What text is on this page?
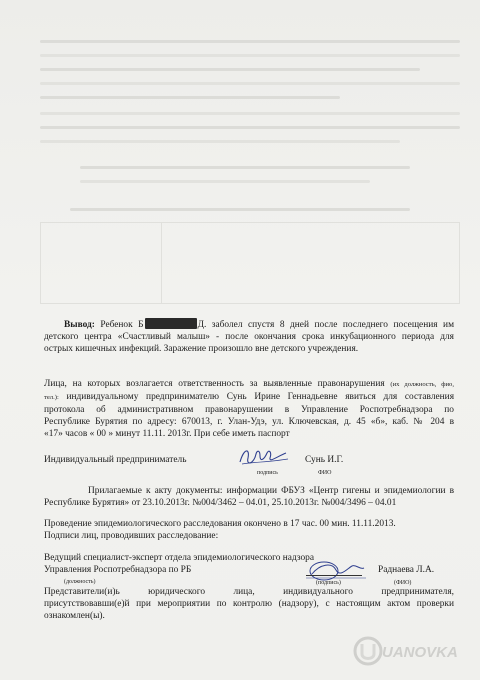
Вывод: Ребенок Б	Д. заболел спустя 8 дней после последнего посещения им
детского центра «Счастливый малыш» - после окончания срока инкубационного периода для
острых кишечных инфекций. Заражение произошло вне детского учреждения.
Лица, на которых возлагается ответственность за выявленные правонарушения (их должность, фио,
тел.): индивидуальному предпринимателю Сунь Ирине Геннадьевне явиться для составления
протокола об административном правонарушении в Управление Роспотребнадзора по
Республике Бурятия по адресу: 670013, г. Улан-Удэ, ул. Ключевская, д. 45 «б», каб. № 204 в
«17» часов « 00 » минут 11.11. 2013г. При себе иметь паспорт
Индивидуальный предприниматель
подпись
Сунь И.Г.
ФИО
Прилагаемые к акту документы: информации ФБУЗ «Центр гигены и эпидемиологии в
Республике Бурятия» от 23.10.2013г. №004/3462 – 04.01, 25.10.2013г. №004/3496 – 04.01
Проведение эпидемиологического расследования окончено в 17 час. 00 мин. 11.11.2013.
Подписи лиц, проводивших расследование:
Ведущий специалист-эксперт отдела эпидемиологического надзора
Управления Роспотребнадзора по РБ
(должность)	(подпись)
Раднаева Л.А.
(ФИО)
Представители(и)ь юридического лица, индивидуального предпринимателя,
присутствовавши(е)й при мероприятии по контролю (надзору), с настоящим актом проверки
ознакомлен(ы).
UANOVKA
